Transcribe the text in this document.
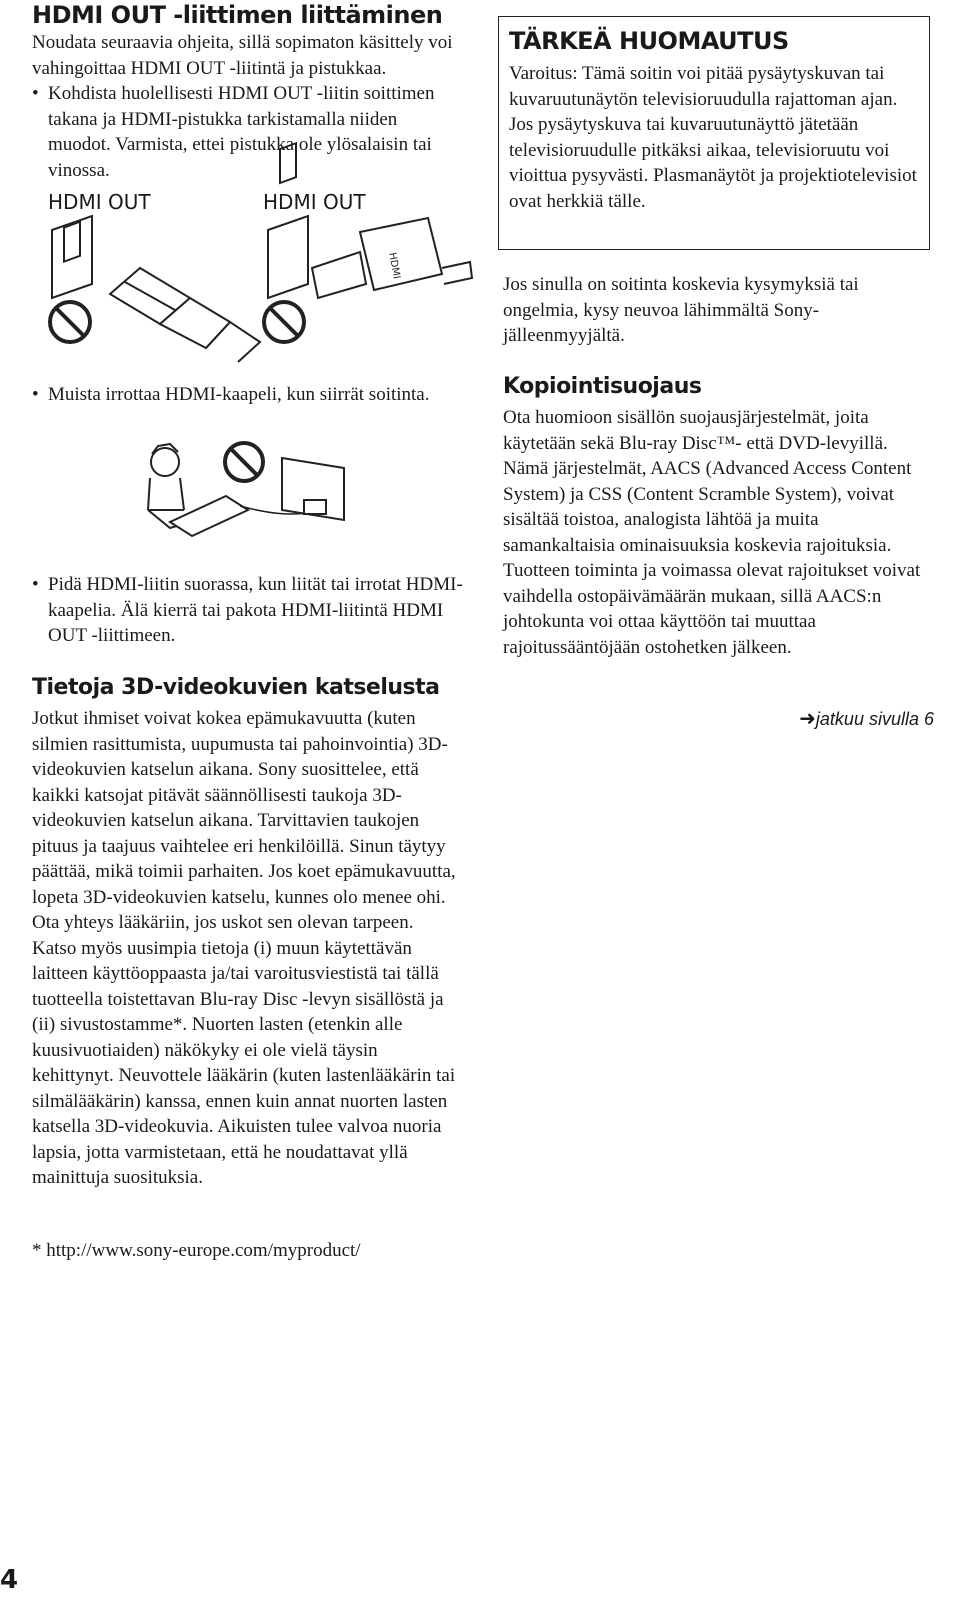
HDMI OUT -liittimen liittäminen

Noudata seuraavia ohjeita, sillä sopimaton käsittely voi vahingoittaa HDMI OUT -liitintä ja pistukkaa.

• Kohdista huolellisesti HDMI OUT -liitin soittimen takana ja HDMI-pistukka tarkistamalla niiden muodot. Varmista, ettei pistukka ole ylösalaisin tai vinossa.

HDMI OUT	HDMI OUT
HDMI

• Muista irrottaa HDMI-kaapeli, kun siirrät soitinta.

• Pidä HDMI-liitin suorassa, kun liität tai irrotat HDMI-kaapelia. Älä kierrä tai pakota HDMI-liitintä HDMI OUT -liittimeen.

Tietoja 3D-videokuvien katselusta

Jotkut ihmiset voivat kokea epämukavuutta (kuten silmien rasittumista, uupumusta tai pahoinvointia) 3D-videokuvien katselun aikana. Sony suosittelee, että kaikki katsojat pitävät säännöllisesti taukoja 3D-videokuvien katselun aikana. Tarvittavien taukojen pituus ja taajuus vaihtelee eri henkilöillä. Sinun täytyy päättää, mikä toimii parhaiten. Jos koet epämukavuutta, lopeta 3D-videokuvien katselu, kunnes olo menee ohi. Ota yhteys lääkäriin, jos uskot sen olevan tarpeen. Katso myös uusimpia tietoja (i) muun käytettävän laitteen käyttöoppaasta ja/tai varoitusviestistä tai tällä tuotteella toistettavan Blu-ray Disc -levyn sisällöstä ja (ii) sivustostamme*. Nuorten lasten (etenkin alle kuusivuotiaiden) näkökyky ei ole vielä täysin kehittynyt. Neuvottele lääkärin (kuten lastenlääkärin tai silmälääkärin) kanssa, ennen kuin annat nuorten lasten katsella 3D-videokuvia. Aikuisten tulee valvoa nuoria lapsia, jotta varmistetaan, että he noudattavat yllä mainittuja suosituksia.

* http://www.sony-europe.com/myproduct/

TÄRKEÄ HUOMAUTUS

Varoitus: Tämä soitin voi pitää pysäytyskuvan tai kuvaruutunäytön televisioruudulla rajattoman ajan. Jos pysäytyskuva tai kuvaruutunäyttö jätetään televisioruudulle pitkäksi aikaa, televisioruutu voi vioittua pysyvästi. Plasmanäytöt ja projektiotelevisiot ovat herkkiä tälle.

Jos sinulla on soitinta koskevia kysymyksiä tai ongelmia, kysy neuvoa lähimmältä Sony-jälleenmyyjältä.

Kopiointisuojaus

Ota huomioon sisällön suojausjärjestelmät, joita käytetään sekä Blu-ray Disc™- että DVD-levyillä. Nämä järjestelmät, AACS (Advanced Access Content System) ja CSS (Content Scramble System), voivat sisältää toistoa, analogista lähtöä ja muita samankaltaisia ominaisuuksia koskevia rajoituksia. Tuotteen toiminta ja voimassa olevat rajoitukset voivat vaihdella ostopäivämäärän mukaan, sillä AACS:n johtokunta voi ottaa käyttöön tai muuttaa rajoitussääntöjään ostohetken jälkeen.

➜jatkuu sivulla 6
4
